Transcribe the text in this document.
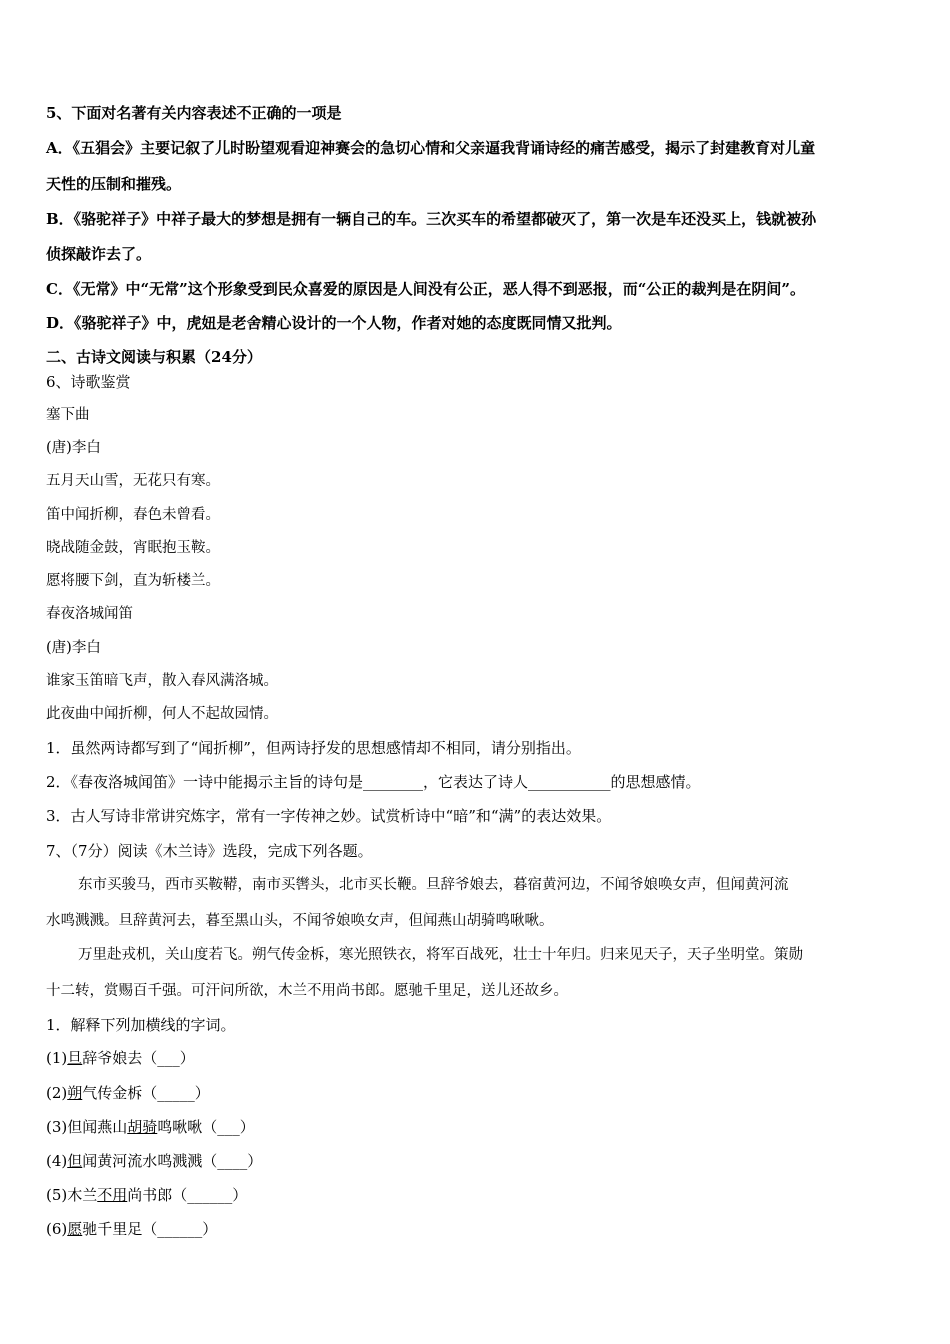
5、下面对名著有关内容表述不正确的一项是
A．《五猖会》主要记叙了儿时盼望观看迎神赛会的急切心情和父亲逼我背诵诗经的痛苦感受，揭示了封建教育对儿童
天性的压制和摧残。
B．《骆驼祥子》中祥子最大的梦想是拥有一辆自己的车。三次买车的希望都破灭了，第一次是车还没买上，钱就被孙
侦探敲诈去了。
C．《无常》中“无常”这个形象受到民众喜爱的原因是人间没有公正，恶人得不到恶报，而“公正的裁判是在阴间”。
D．《骆驼祥子》中，虎妞是老舍精心设计的一个人物，作者对她的态度既同情又批判。
二、古诗文阅读与积累（24分）
6、诗歌鉴赏
塞下曲
(唐)李白
五月天山雪，无花只有寒。
笛中闻折柳，春色未曾看。
晓战随金鼓，宵眠抱玉鞍。
愿将腰下剑，直为斩楼兰。
春夜洛城闻笛
(唐)李白
谁家玉笛暗飞声，散入春风满洛城。
此夜曲中闻折柳，何人不起故园情。
1．虽然两诗都写到了“闻折柳”，但两诗抒发的思想感情却不相同，请分别指出。
2．《春夜洛城闻笛》一诗中能揭示主旨的诗句是________，它表达了诗人___________的思想感情。
3．古人写诗非常讲究炼字，常有一字传神之妙。试赏析诗中“暗”和“满”的表达效果。
7、（7分）阅读《木兰诗》选段，完成下列各题。
东市买骏马，西市买鞍鞯，南市买辔头，北市买长鞭。旦辞爷娘去，暮宿黄河边，不闻爷娘唤女声，但闻黄河流
水鸣溅溅。旦辞黄河去，暮至黑山头，不闻爷娘唤女声，但闻燕山胡骑鸣啾啾。
万里赴戎机，关山度若飞。朔气传金柝，寒光照铁衣，将军百战死，壮士十年归。归来见天子，天子坐明堂。策勋
十二转，赏赐百千强。可汗问所欲，木兰不用尚书郎。愿驰千里足，送儿还故乡。
1．解释下列加横线的字词。
(1)旦辞爷娘去（___）
(2)朔气传金柝（_____）
(3)但闻燕山胡骑鸣啾啾（___）
(4)但闻黄河流水鸣溅溅（____）
(5)木兰不用尚书郎（______）
(6)愿驰千里足（______）
